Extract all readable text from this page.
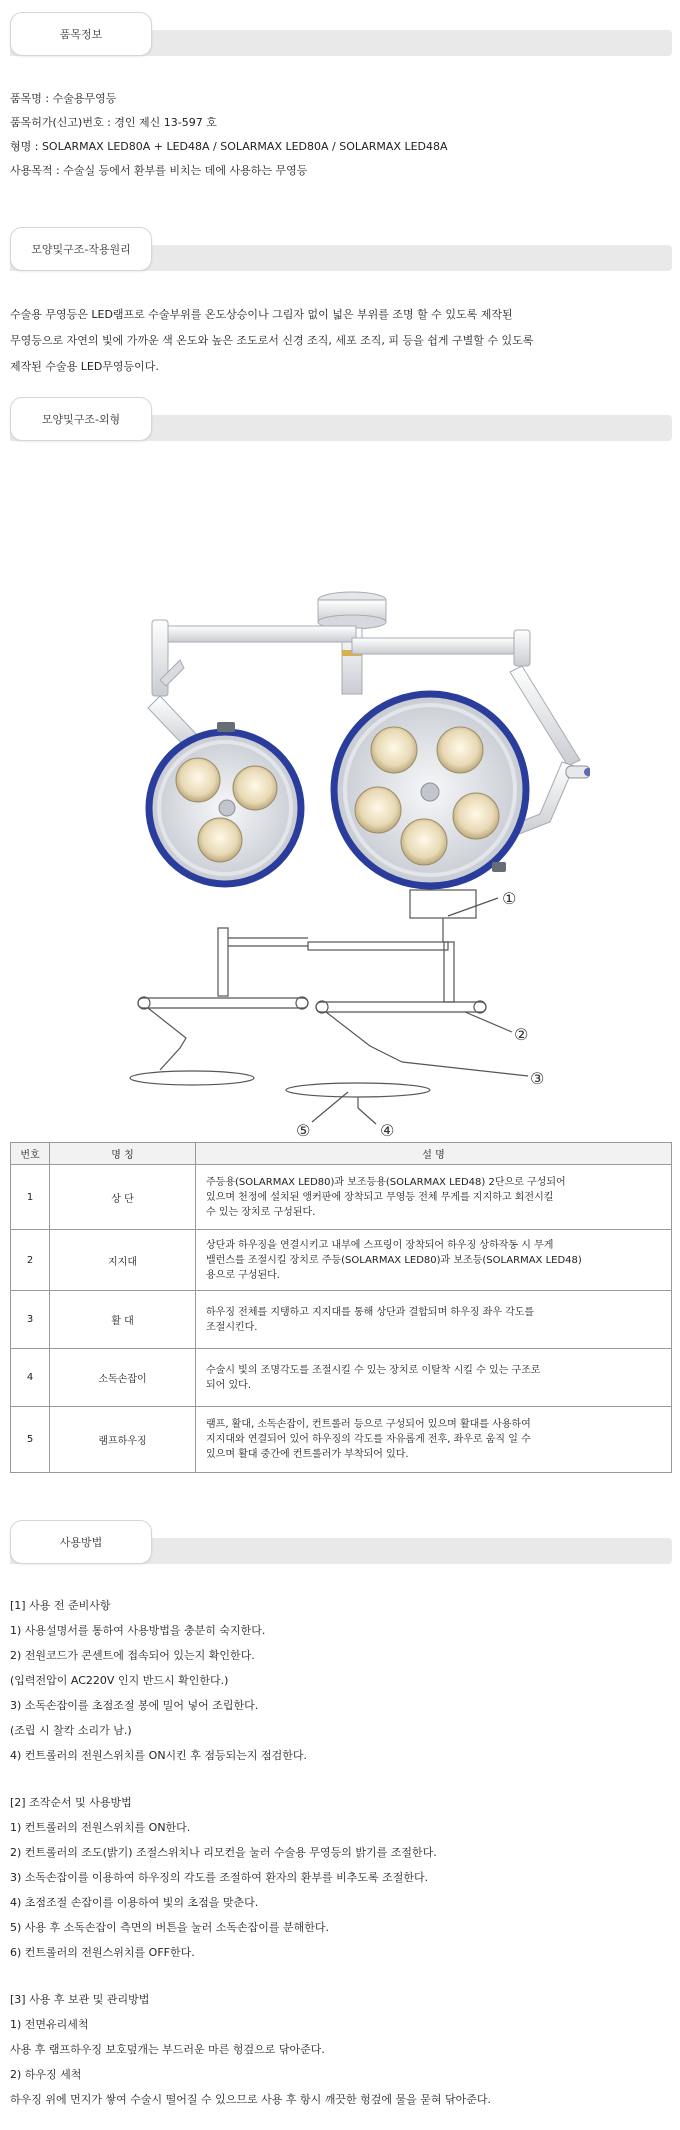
품목정보
품목명 : 수술용무영등
품목허가(신고)번호 : 경인 제신 13-597 호
형명 : SOLARMAX LED80A + LED48A / SOLARMAX LED80A / SOLARMAX LED48A
사용목적 : 수술실 등에서 환부를 비치는 데에 사용하는 무영등
모양및구조-작용원리
수술용 무영등은 LED램프로 수술부위를 온도상승이나 그림자 없이 넓은 부위를 조명 할 수 있도록 제작된
무영등으로 자연의 빛에 가까운 색 온도와 높은 조도로서 신경 조직, 세포 조직, 피 등을 쉽게 구별할 수 있도록
제작된 수술용 LED무영등이다.
모양및구조-외형
①
②
③
④
⑤
번호	명 칭	설 명
1	상 단	주등용(SOLARMAX LED80)과 보조등용(SOLARMAX LED48) 2단으로 구성되어
있으며 천정에 설치된 앵커판에 장착되고 무영등 전체 무게를 지지하고 회전시킬
수 있는 장치로 구성된다.

2	지지대	상단과 하우징을 연결시키고 내부에 스프링이 장착되어 하우징 상하작동 시 무게
밸런스를 조절시킬 장치로 주등(SOLARMAX LED80)과 보조등(SOLARMAX LED48)
용으로 구성된다.

3	활 대	하우징 전체를 지탱하고 지지대를 통해 상단과 결합되며 하우징 좌우 각도를
조절시킨다.

4	소독손잡이	수술시 빛의 조명각도를 조절시킬 수 있는 장치로 이탈착 시킬 수 있는 구조로
되어 있다.

5	램프하우징	램프, 활대, 소독손잡이, 컨트롤러 등으로 구성되어 있으며 활대를 사용하여
지지대와 연결되어 있어 하우징의 각도를 자유롭게 전후, 좌우로 움직 일 수
있으며 활대 중간에 컨트롤러가 부착되어 있다.
사용방법
[1] 사용 전 준비사항
1) 사용설명서를 통하여 사용방법을 충분히 숙지한다.
2) 전원코드가 콘센트에 접속되어 있는지 확인한다.
(입력전압이 AC220V 인지 반드시 확인한다.)
3) 소독손잡이를 초점조절 봉에 밀어 넣어 조립한다.
(조립 시 찰칵 소리가 남.)
4) 컨트롤러의 전원스위치를 ON시킨 후 점등되는지 점검한다.
[2] 조작순서 및 사용방법
1) 컨트롤러의 전원스위치를 ON한다.
2) 컨트롤러의 조도(밝기) 조절스위치나 리모컨을 눌러 수술용 무영등의 밝기를 조절한다.
3) 소독손잡이를 이용하여 하우징의 각도를 조절하여 환자의 환부를 비추도록 조절한다.
4) 초점조절 손잡이를 이용하여 빛의 초점을 맞춘다.
5) 사용 후 소독손잡이 측면의 버튼을 눌러 소독손잡이를 분해한다.
6) 컨트롤러의 전원스위치를 OFF한다.
[3] 사용 후 보관 및 관리방법
1) 전면유리세척
사용 후 램프하우징 보호덮개는 부드러운 마른 헝겊으로 닦아준다.
2) 하우징 세척
하우징 위에 먼지가 쌓여 수술시 떨어질 수 있으므로 사용 후 항시 깨끗한 헝겊에 물을 묻혀 닦아준다.
